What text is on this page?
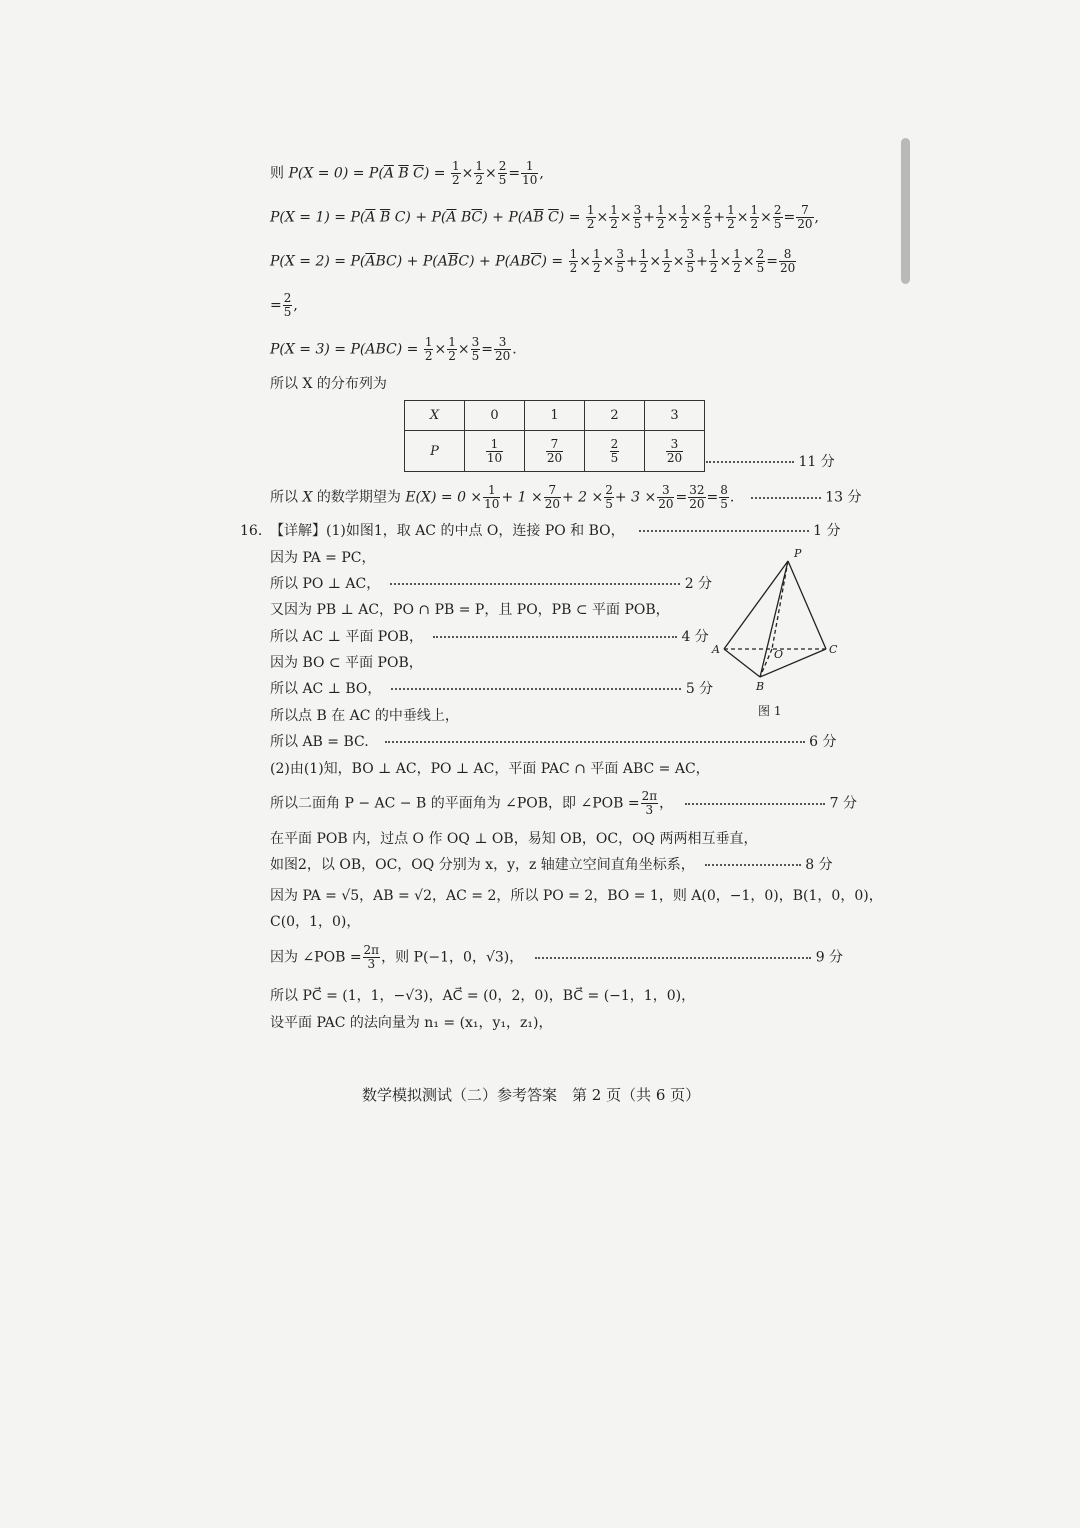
则 $P(X = 0) = P(\overline{A}$ $\overline{B}$ $\overline{C}) = \frac{1}{2} \times \frac{1}{2} \times \frac{2}{5} = \frac{1}{10}$ ,
$P(X = 1) = P(\overline{A}$ $\overline{B}$ $C) + P(\overline{A}$ $B\overline{C}) + P(A\overline{B}$ $\overline{C}) = \frac{1}{2} \times \frac{1}{2} \times \frac{3}{5} + \frac{1}{2} \times \frac{1}{2} \times \frac{2}{5} + \frac{1}{2} \times \frac{1}{2} \times \frac{2}{5} = \frac{7}{20}$ ,
$P(X = 2) = P(\overline{A}BC) + P(A\overline{B}C) + P(AB\overline{C}) = \frac{1}{2} \times \frac{1}{2} \times \frac{3}{5} + \frac{1}{2} \times \frac{1}{2} \times \frac{3}{5} + \frac{1}{2} \times \frac{1}{2} \times \frac{2}{5} = \frac{8}{20}$
= $\frac{2}{5}$ ,
$P(X = 3) = P(ABC) = \frac{1}{2} \times \frac{1}{2} \times \frac{3}{5} = \frac{3}{20}$ .
所以 X 的分布列为
X	0	1	2	3
P	$\frac{1}{10}$	$\frac{7}{20}$	$\frac{2}{5}$	$\frac{3}{20}$	11 分
所以 X 的数学期望为 $E(X) = 0 \times \frac{1}{10} + 1 \times \frac{7}{20} + 2 \times \frac{2}{5} + 3 \times \frac{3}{20} = \frac{32}{20} = \frac{8}{5}$ .	13 分
16. 【详解】(1)如图1，取 AC 的中点 O，连接 PO 和 BO，	1 分
因为 PA = PC，
所以 PO ⊥ AC，	2 分
又因为 PB ⊥ AC，PO ∩ PB = P，且 PO，PB ⊂ 平面 POB，
所以 AC ⊥ 平面 POB，	4 分
因为 BO ⊂ 平面 POB，
所以 AC ⊥ BO，	5 分
所以点 B 在 AC 的中垂线上，
所以 AB = BC.	6 分
(2)由(1)知，BO ⊥ AC，PO ⊥ AC，平面 PAC ∩ 平面 ABC = AC，
所以二面角 P − AC − B 的平面角为 ∠POB，即 ∠POB = $\frac{2\pi}{3}$ ，	7 分
在平面 POB 内，过点 O 作 OQ ⊥ OB，易知 OB，OC，OQ 两两相互垂直，
如图2，以 OB，OC，OQ 分别为 x，y，z 轴建立空间直角坐标系，	8 分
因为 PA = √5，AB = √2，AC = 2，所以 PO = 2，BO = 1，则 A(0，−1，0)，B(1，0，0)，
C(0，1，0)，
因为 ∠POB = $\frac{2\pi}{3}$ ，则 P(−1，0，√3)，	9 分
所以 PC⃗ = (1，1，−√3)，AC⃗ = (0，2，0)，BC⃗ = (−1，1，0)，
设平面 PAC 的法向量为 n₁ = (x₁，y₁，z₁)，
P
A	C
B
O
图 1
数学模拟测试（二）参考答案　第 2 页（共 6 页）
